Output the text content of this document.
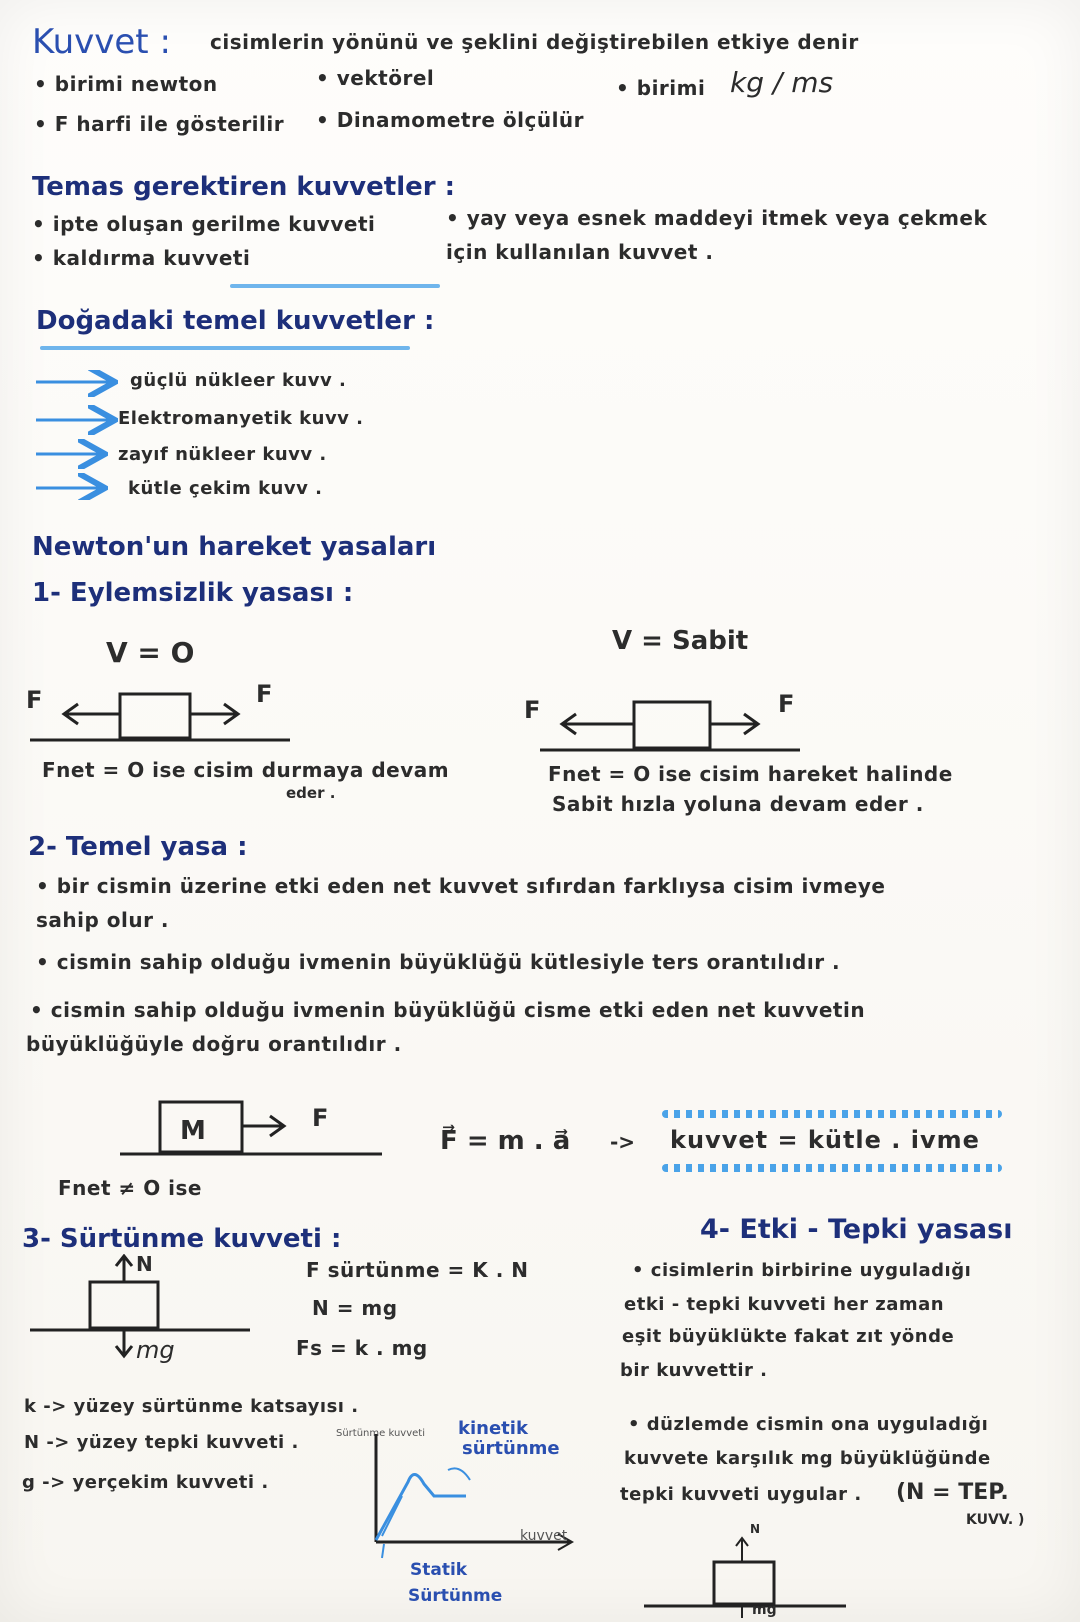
Kuvvet : cisimlerin yönünü ve şeklini değiştirebilen etkiye denir
• birimi newton	• vektörel	• birimi kg / ms
• F harfi ile gösterilir	• Dinamometre ölçülür
Temas gerektiren kuvvetler :
• ipte oluşan gerilme kuvveti
• kaldırma kuvveti
• yay veya esnek maddeyi itmek veya çekmek
için kullanılan kuvvet .
Doğadaki temel kuvvetler :
güçlü nükleer kuvv .
Elektromanyetik kuvv .
zayıf nükleer kuvv .
kütle çekim kuvv .
Newton'un hareket yasaları
1- Eylemsizlik yasası :
V = O	V = Sabit
F	F
F	F
Fnet = O ise cisim durmaya devam
eder .
Fnet = O ise cisim hareket halinde
Sabit hızla yoluna devam eder .
2- Temel yasa :
• bir cismin üzerine etki eden net kuvvet sıfırdan farklıysa cisim ivmeye
sahip olur .
• cismin sahip olduğu ivmenin büyüklüğü kütlesiyle ters orantılıdır .
• cismin sahip olduğu ivmenin büyüklüğü cisme etki eden net kuvvetin
büyüklüğüyle doğru orantılıdır .
M	F
Fnet ≠ O ise
F⃗ = m . a⃗ -> kuvvet = kütle . ivme
3- Sürtünme kuvveti :
N
mg
F sürtünme = K . N
N = mg
Fs = k . mg
k -> yüzey sürtünme katsayısı .
N -> yüzey tepki kuvveti .
g -> yerçekim kuvveti .
Sürtünme kuvveti
kuvvet
kinetik
sürtünme
Statik
Sürtünme
4- Etki - Tepki yasası
• cisimlerin birbirine uyguladığı
etki - tepki kuvveti her zaman
eşit büyüklükte fakat zıt yönde
bir kuvvettir .
• düzlemde cismin ona uyguladığı
kuvvete karşılık mg büyüklüğünde
tepki kuvveti uygular . (N = TEP.
KUVV. )
N
mg
